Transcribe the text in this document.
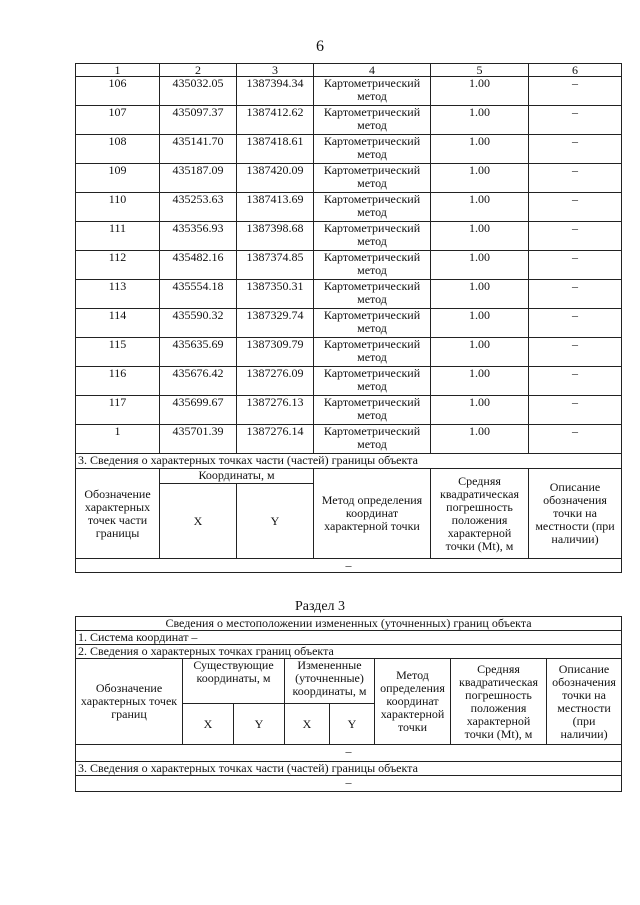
6
1	2	3	4	5	6
106	435032.05	1387394.34	Картометрический метод	1.00	–
107	435097.37	1387412.62	Картометрический метод	1.00	–
108	435141.70	1387418.61	Картометрический метод	1.00	–
109	435187.09	1387420.09	Картометрический метод	1.00	–
110	435253.63	1387413.69	Картометрический метод	1.00	–
111	435356.93	1387398.68	Картометрический метод	1.00	–
112	435482.16	1387374.85	Картометрический метод	1.00	–
113	435554.18	1387350.31	Картометрический метод	1.00	–
114	435590.32	1387329.74	Картометрический метод	1.00	–
115	435635.69	1387309.79	Картометрический метод	1.00	–
116	435676.42	1387276.09	Картометрический метод	1.00	–
117	435699.67	1387276.13	Картометрический метод	1.00	–
1	435701.39	1387276.14	Картометрический метод	1.00	–
3. Сведения о характерных точках части (частей) границы объекта					
Обозначение характерных точек части границы	Координаты, м		Метод определения координат характерной точки	Средняя квадратическая погрешность положения характерной точки (Мt), м	Описание обозначения точки на местности (при наличии)
	X	Y			
–					
Раздел 3
Сведения о местоположении измененных (уточненных) границ объекта							
1. Система координат –							
2. Сведения о характерных точках границ объекта							
Обозначение характерных точек границ	Существующие координаты, м		Измененные (уточненные) координаты, м		Метод определения координат характерной точки	Средняя квадратическая погрешность положения характерной точки (Мt), м	Описание обозначения точки на местности (при наличии)
	X	Y	X	Y			
–							
3. Сведения о характерных точках части (частей) границы объекта							
–							
